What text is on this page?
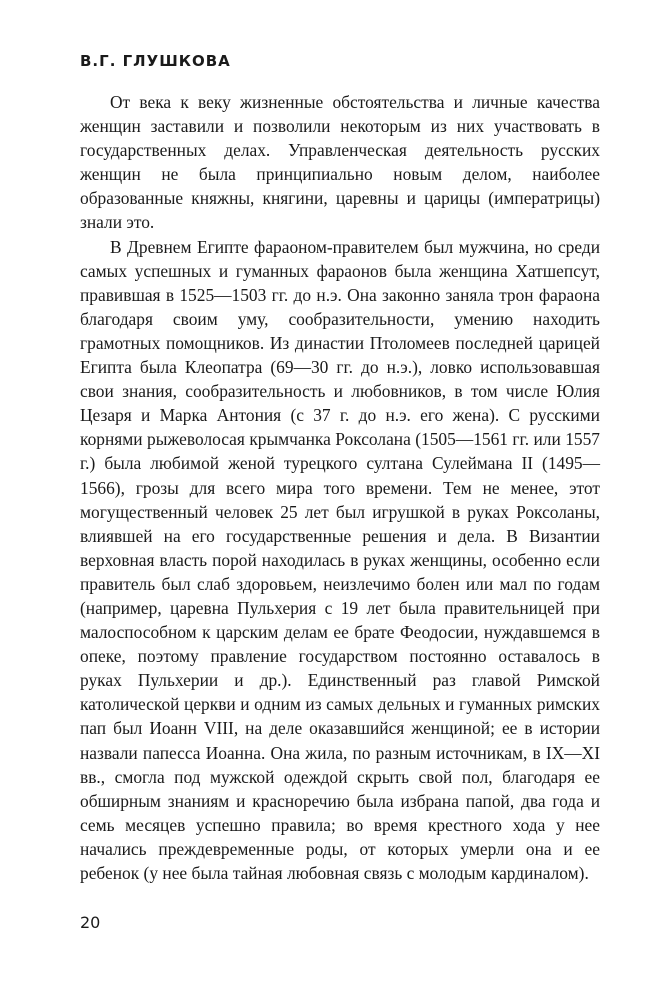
В.Г. ГЛУШКОВА

От века к веку жизненные обстоятельства и личные качества женщин заставили и позволили некоторым из них участвовать в государственных делах. Управленческая деятельность русских женщин не была принципиально новым делом, наиболее образованные княжны, княгини, царевны и царицы (императрицы) знали это.

В Древнем Египте фараоном-правителем был мужчина, но среди самых успешных и гуманных фараонов была женщина Хатшепсут, правившая в 1525—1503 гг. до н.э. Она законно заняла трон фараона благодаря своим уму, сообразительности, умению находить грамотных помощников. Из династии Птоломеев последней царицей Египта была Клеопатра (69—30 гг. до н.э.), ловко использовавшая свои знания, сообразительность и любовников, в том числе Юлия Цезаря и Марка Антония (с 37 г. до н.э. его жена). С русскими корнями рыжеволосая крымчанка Роксолана (1505—1561 гг. или 1557 г.) была любимой женой турецкого султана Сулеймана II (1495—1566), грозы для всего мира того времени. Тем не менее, этот могущественный человек 25 лет был игрушкой в руках Роксоланы, влиявшей на его государственные решения и дела. В Византии верховная власть порой находилась в руках женщины, особенно если правитель был слаб здоровьем, неизлечимо болен или мал по годам (например, царевна Пульхерия с 19 лет была правительницей при малоспособном к царским делам ее брате Феодосии, нуждавшемся в опеке, поэтому правление государством постоянно оставалось в руках Пульхерии и др.). Единственный раз главой Римской католической церкви и одним из самых дельных и гуманных римских пап был Иоанн VIII, на деле оказавшийся женщиной; ее в истории назвали папесса Иоанна. Она жила, по разным источникам, в IX—XI вв., смогла под мужской одеждой скрыть свой пол, благодаря ее обширным знаниям и красноречию была избрана папой, два года и семь месяцев успешно правила; во время крестного хода у нее начались преждевременные роды, от которых умерли она и ее ребенок (у нее была тайная любовная связь с молодым кардиналом).

20
